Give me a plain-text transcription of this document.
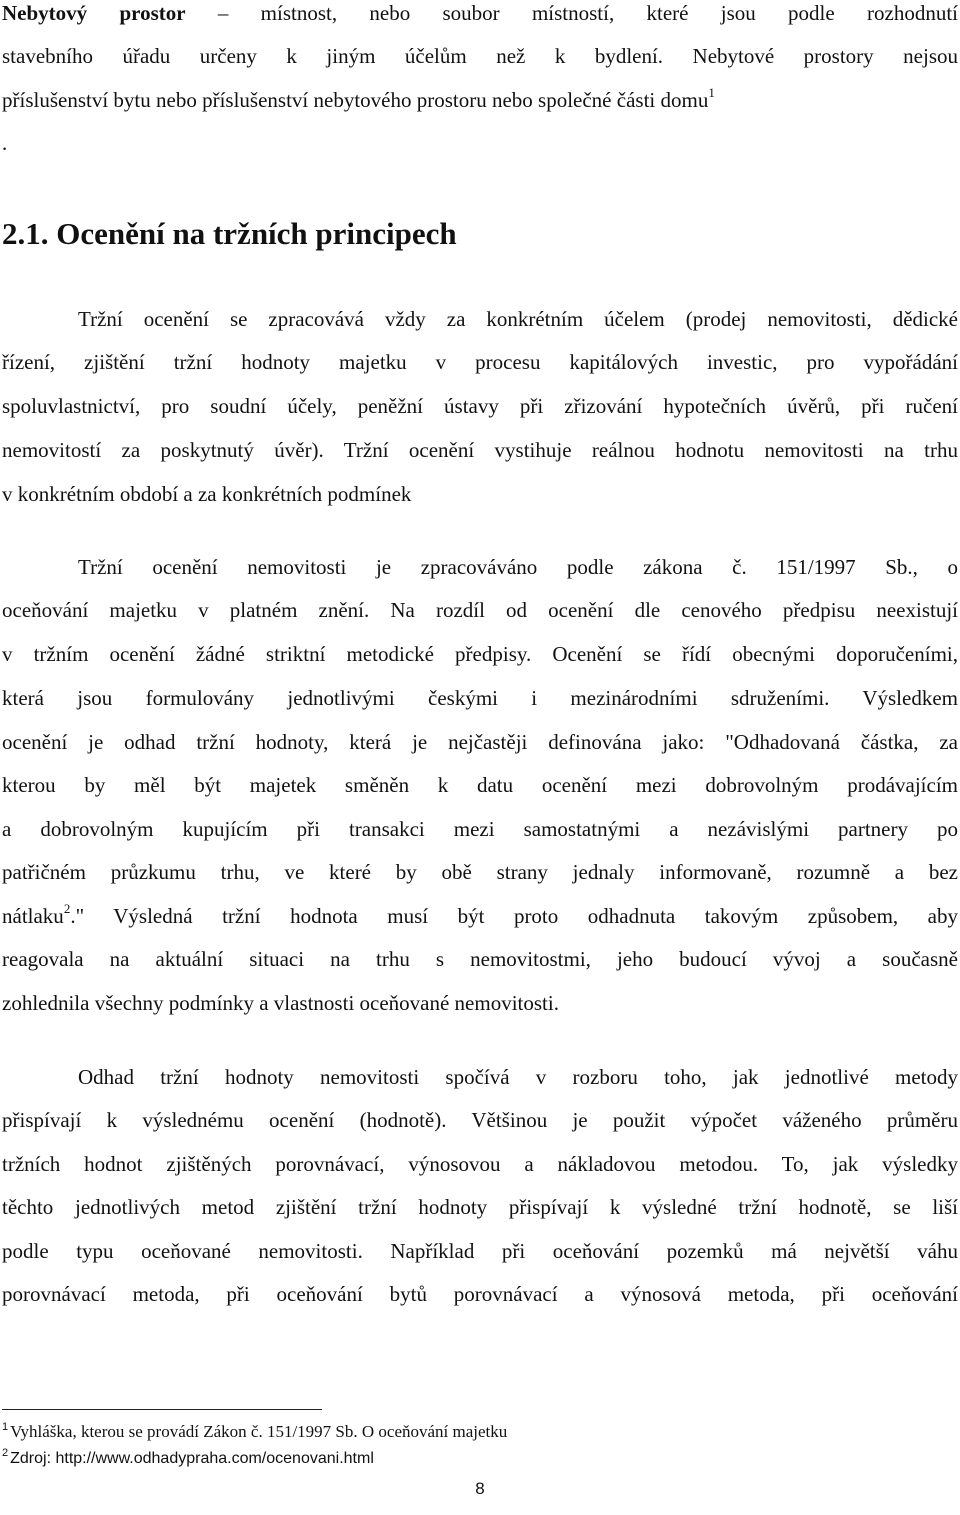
Nebytový prostor – místnost, nebo soubor místností, které jsou podle rozhodnutí
stavebního úřadu určeny k jiným účelům než k bydlení. Nebytové prostory nejsou
příslušenství bytu nebo příslušenství nebytového prostoru nebo společné části domu$^1$
.
2.1. Ocenění na tržních principech
Tržní ocenění se zpracovává vždy za konkrétním účelem (prodej nemovitosti, dědické
řízení, zjištění tržní hodnoty majetku v procesu kapitálových investic, pro vypořádání
spoluvlastnictví, pro soudní účely, peněžní ústavy při zřizování hypotečních úvěrů, při ručení
nemovitostí za poskytnutý úvěr). Tržní ocenění vystihuje reálnou hodnotu nemovitosti na trhu
v konkrétním období a za konkrétních podmínek
Tržní ocenění nemovitosti je zpracováváno podle zákona č. 151/1997 Sb., o
oceňování majetku v platném znění. Na rozdíl od ocenění dle cenového předpisu neexistují
v tržním ocenění žádné striktní metodické předpisy. Ocenění se řídí obecnými doporučeními,
která jsou formulovány jednotlivými českými i mezinárodními sdruženími. Výsledkem
ocenění je odhad tržní hodnoty, která je nejčastěji definována jako: "Odhadovaná částka, za
kterou by měl být majetek směněn k datu ocenění mezi dobrovolným prodávajícím
a dobrovolným kupujícím při transakci mezi samostatnými a nezávislými partnery po
patřičném průzkumu trhu, ve které by obě strany jednaly informovaně, rozumně a bez
nátlaku$^2$." Výsledná tržní hodnota musí být proto odhadnuta takovým způsobem, aby
reagovala na aktuální situaci na trhu s nemovitostmi, jeho budoucí vývoj a současně
zohlednila všechny podmínky a vlastnosti oceňované nemovitosti.
Odhad tržní hodnoty nemovitosti spočívá v rozboru toho, jak jednotlivé metody
přispívají k výslednému ocenění (hodnotě). Většinou je použit výpočet váženého průměru
tržních hodnot zjištěných porovnávací, výnosovou a nákladovou metodou. To, jak výsledky
těchto jednotlivých metod zjištění tržní hodnoty přispívají k výsledné tržní hodnotě, se liší
podle typu oceňované nemovitosti. Například při oceňování pozemků má největší váhu
porovnávací metoda, při oceňování bytů porovnávací a výnosová metoda, při oceňování
$^1$ Vyhláška, kterou se provádí Zákon č. 151/1997 Sb. O oceňování majetku
$^2$ Zdroj: http://www.odhadypraha.com/ocenovani.html
8
